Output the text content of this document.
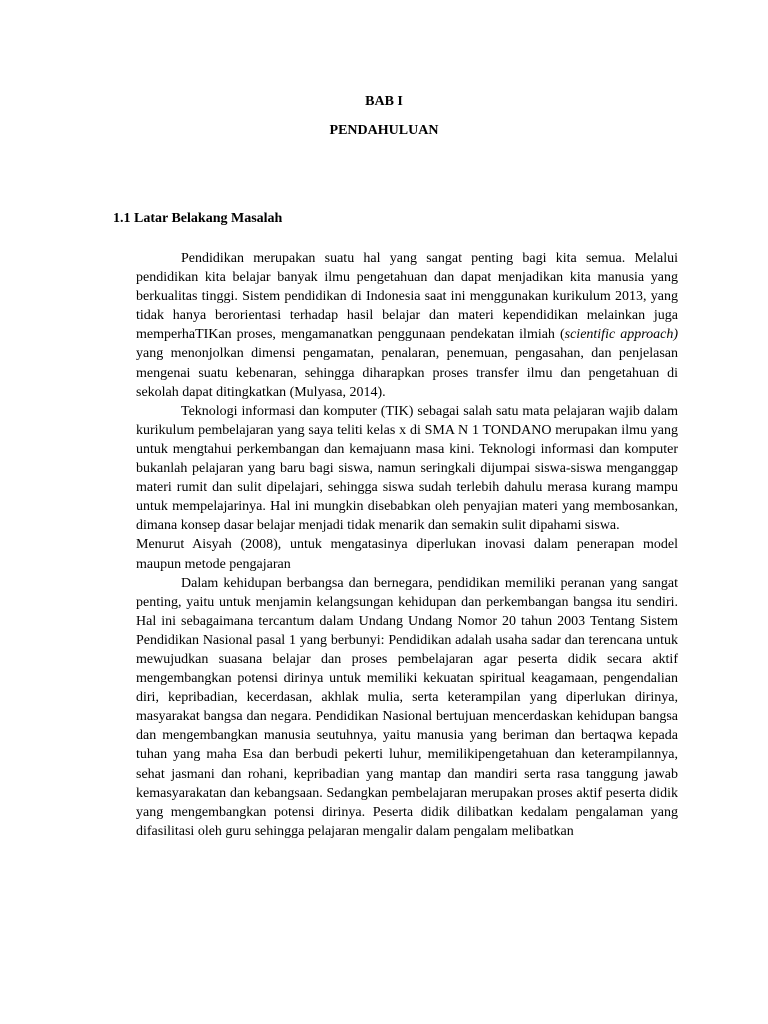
BAB I
PENDAHULUAN
1.1 Latar Belakang Masalah

Pendidikan merupakan suatu hal yang sangat penting bagi kita semua. Melalui pendidikan kita belajar banyak ilmu pengetahuan dan dapat menjadikan kita manusia yang berkualitas tinggi. Sistem pendidikan di Indonesia saat ini menggunakan kurikulum 2013, yang tidak hanya berorientasi terhadap hasil belajar dan materi kependidikan melainkan juga memperhaTIKan proses, mengamanatkan penggunaan pendekatan ilmiah (scientific approach) yang menonjolkan dimensi pengamatan, penalaran, penemuan, pengasahan, dan penjelasan mengenai suatu kebenaran, sehingga diharapkan proses transfer ilmu dan pengetahuan di sekolah dapat ditingkatkan (Mulyasa, 2014).

Teknologi informasi dan komputer (TIK) sebagai salah satu mata pelajaran wajib dalam kurikulum pembelajaran yang saya teliti kelas x di SMA N 1 TONDANO merupakan ilmu yang untuk mengtahui perkembangan dan kemajuann masa kini. Teknologi informasi dan komputer bukanlah pelajaran yang baru bagi siswa, namun seringkali dijumpai siswa-siswa menganggap materi rumit dan sulit dipelajari, sehingga siswa sudah terlebih dahulu merasa kurang mampu untuk mempelajarinya. Hal ini mungkin disebabkan oleh penyajian materi yang membosankan, dimana konsep dasar belajar menjadi tidak menarik dan semakin sulit dipahami siswa.

Menurut Aisyah (2008), untuk mengatasinya diperlukan inovasi dalam penerapan model maupun metode pengajaran

Dalam kehidupan berbangsa dan bernegara, pendidikan memiliki peranan yang sangat penting, yaitu untuk menjamin kelangsungan kehidupan dan perkembangan bangsa itu sendiri. Hal ini sebagaimana tercantum dalam Undang Undang Nomor 20 tahun 2003 Tentang Sistem Pendidikan Nasional pasal 1 yang berbunyi: Pendidikan adalah usaha sadar dan terencana untuk mewujudkan suasana belajar dan proses pembelajaran agar peserta didik secara aktif mengembangkan potensi dirinya untuk memiliki kekuatan spiritual keagamaan, pengendalian diri, kepribadian, kecerdasan, akhlak mulia, serta keterampilan yang diperlukan dirinya, masyarakat bangsa dan negara. Pendidikan Nasional bertujuan mencerdaskan kehidupan bangsa dan mengembangkan manusia seutuhnya, yaitu manusia yang beriman dan bertaqwa kepada tuhan yang maha Esa dan berbudi pekerti luhur, memilikipengetahuan dan keterampilannya, sehat jasmani dan rohani, kepribadian yang mantap dan mandiri serta rasa tanggung jawab kemasyarakatan dan kebangsaan. Sedangkan pembelajaran merupakan proses aktif peserta didik yang mengembangkan potensi dirinya. Peserta didik dilibatkan kedalam pengalaman yang difasilitasi oleh guru sehingga pelajaran mengalir dalam pengalam melibatkan
